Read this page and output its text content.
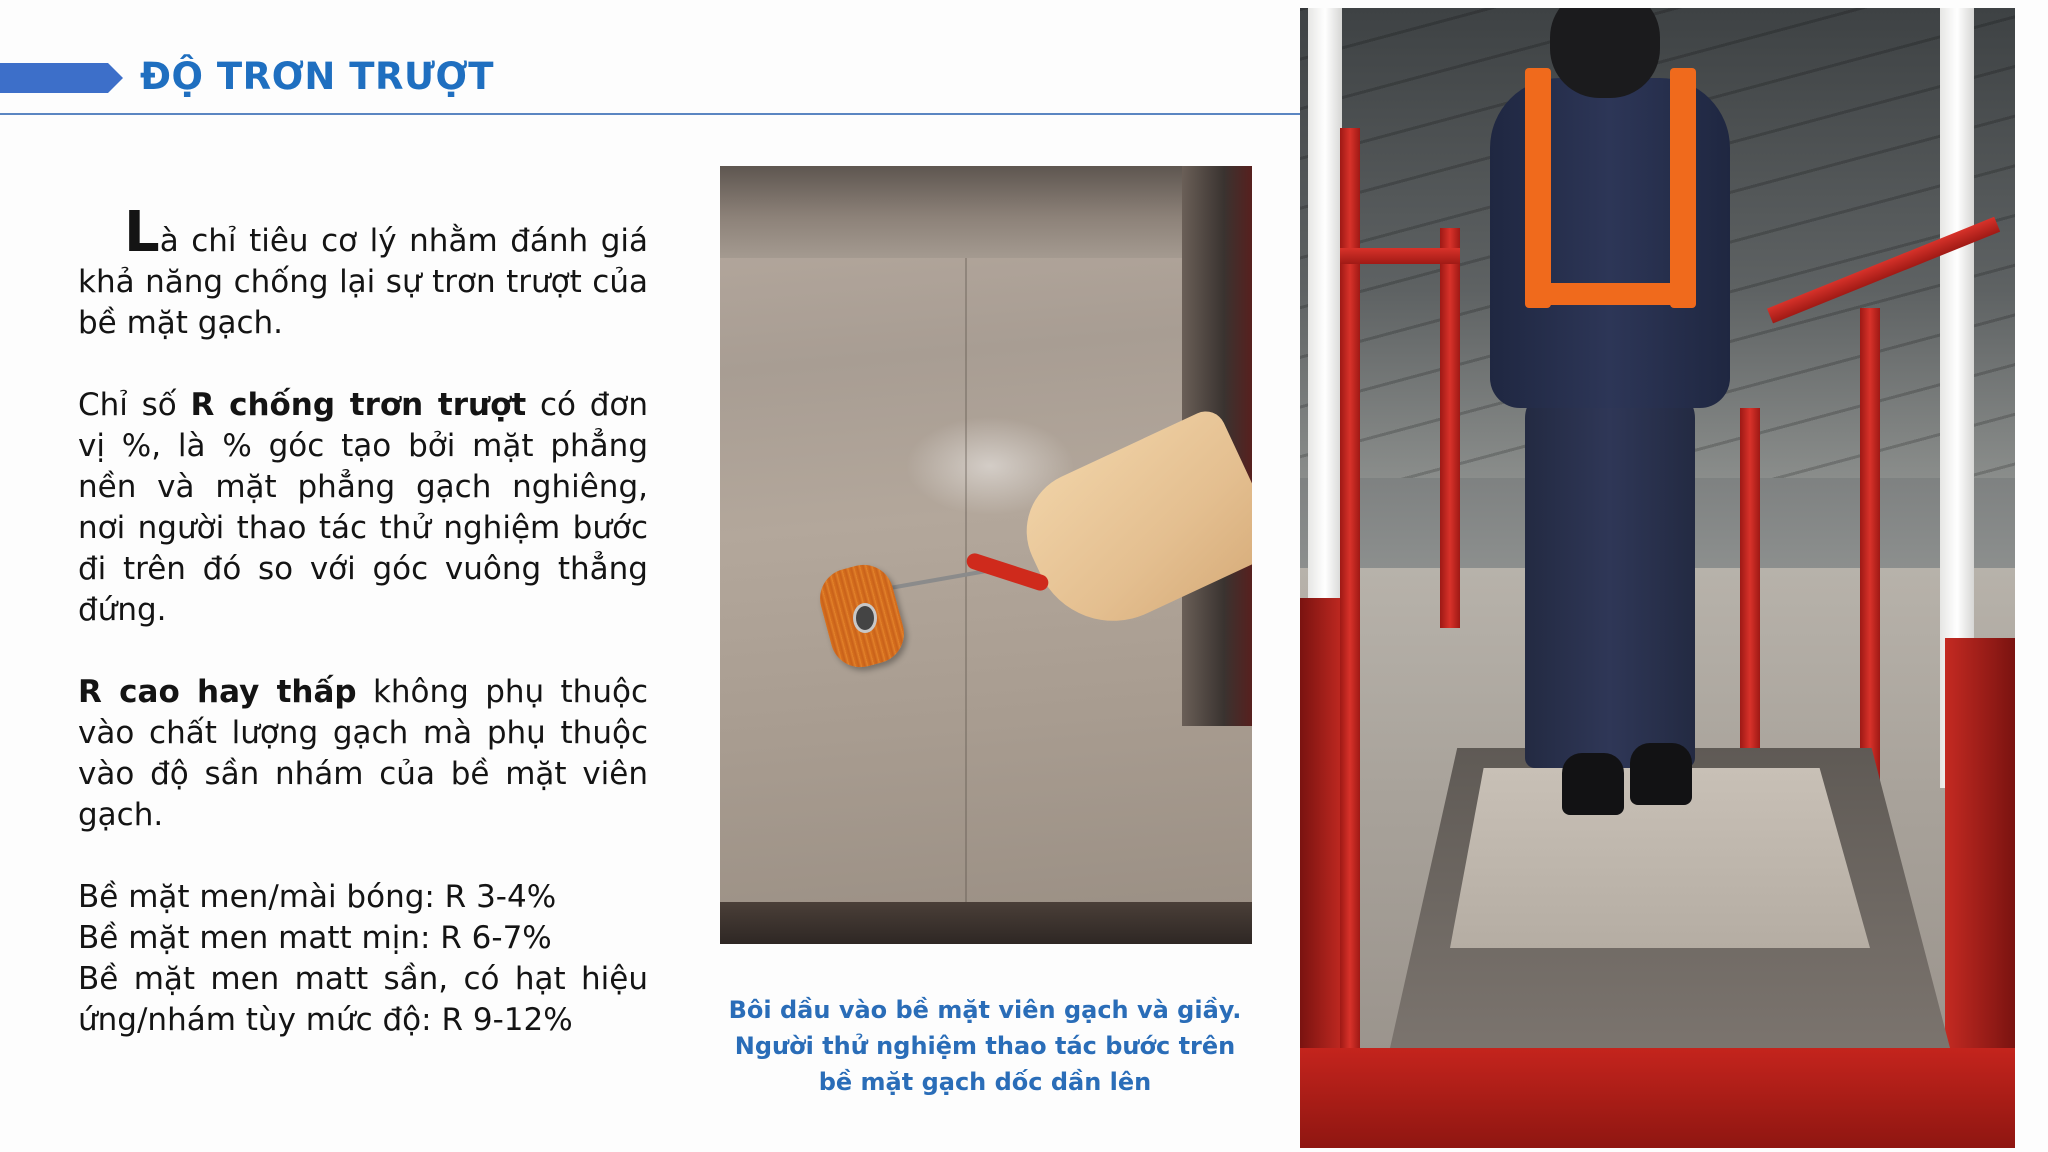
ĐỘ TRƠN TRƯỢT

Là chỉ tiêu cơ lý nhằm đánh giá khả năng chống lại sự trơn trượt của bề mặt gạch.

Chỉ số R chống trơn trượt có đơn vị %, là % góc tạo bởi mặt phẳng nền và mặt phẳng gạch nghiêng, nơi người thao tác thử nghiệm bước đi trên đó so với góc vuông thẳng đứng.

R cao hay thấp không phụ thuộc vào chất lượng gạch mà phụ thuộc vào độ sần nhám của bề mặt viên gạch.

Bề mặt men/mài bóng: R 3-4%
Bề mặt men matt mịn: R 6-7%
Bề mặt men matt sần, có hạt hiệu ứng/nhám tùy mức độ: R 9-12%	Bôi dầu vào bề mặt viên gạch và giầy.
Người thử nghiệm thao tác bước trên
bề mặt gạch dốc dần lên
